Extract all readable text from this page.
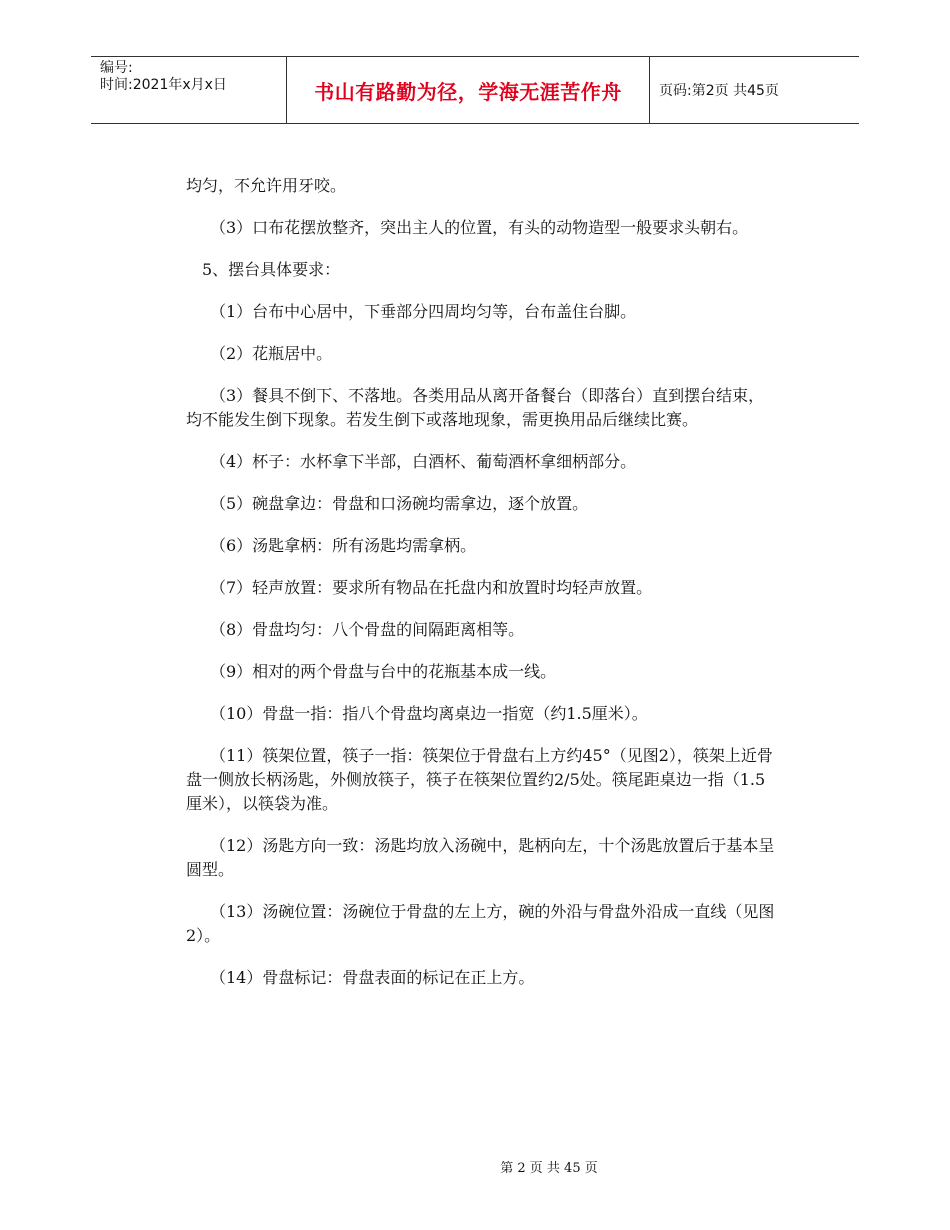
编号:
时间:2021年x月x日	书山有路勤为径，学海无涯苦作舟	页码:第2页 共45页

均匀，不允许用牙咬。

（3）口布花摆放整齐，突出主人的位置，有头的动物造型一般要求头朝右。

5、摆台具体要求：

（1）台布中心居中，下垂部分四周均匀等，台布盖住台脚。

（2）花瓶居中。

（3）餐具不倒下、不落地。各类用品从离开备餐台（即落台）直到摆台结束，均不能发生倒下现象。若发生倒下或落地现象，需更换用品后继续比赛。

（4）杯子：水杯拿下半部，白酒杯、葡萄酒杯拿细柄部分。

（5）碗盘拿边：骨盘和口汤碗均需拿边，逐个放置。

（6）汤匙拿柄：所有汤匙均需拿柄。

（7）轻声放置：要求所有物品在托盘内和放置时均轻声放置。

（8）骨盘均匀：八个骨盘的间隔距离相等。

（9）相对的两个骨盘与台中的花瓶基本成一线。

（10）骨盘一指：指八个骨盘均离桌边一指宽（约1.5厘米）。

（11）筷架位置，筷子一指：筷架位于骨盘右上方约45°（见图2），筷架上近骨盘一侧放长柄汤匙，外侧放筷子，筷子在筷架位置约2/5处。筷尾距桌边一指（1.5厘米），以筷袋为准。

（12）汤匙方向一致：汤匙均放入汤碗中，匙柄向左，十个汤匙放置后于基本呈圆型。

（13）汤碗位置：汤碗位于骨盘的左上方，碗的外沿与骨盘外沿成一直线（见图2）。

（14）骨盘标记：骨盘表面的标记在正上方。

第 2 页 共 45 页
